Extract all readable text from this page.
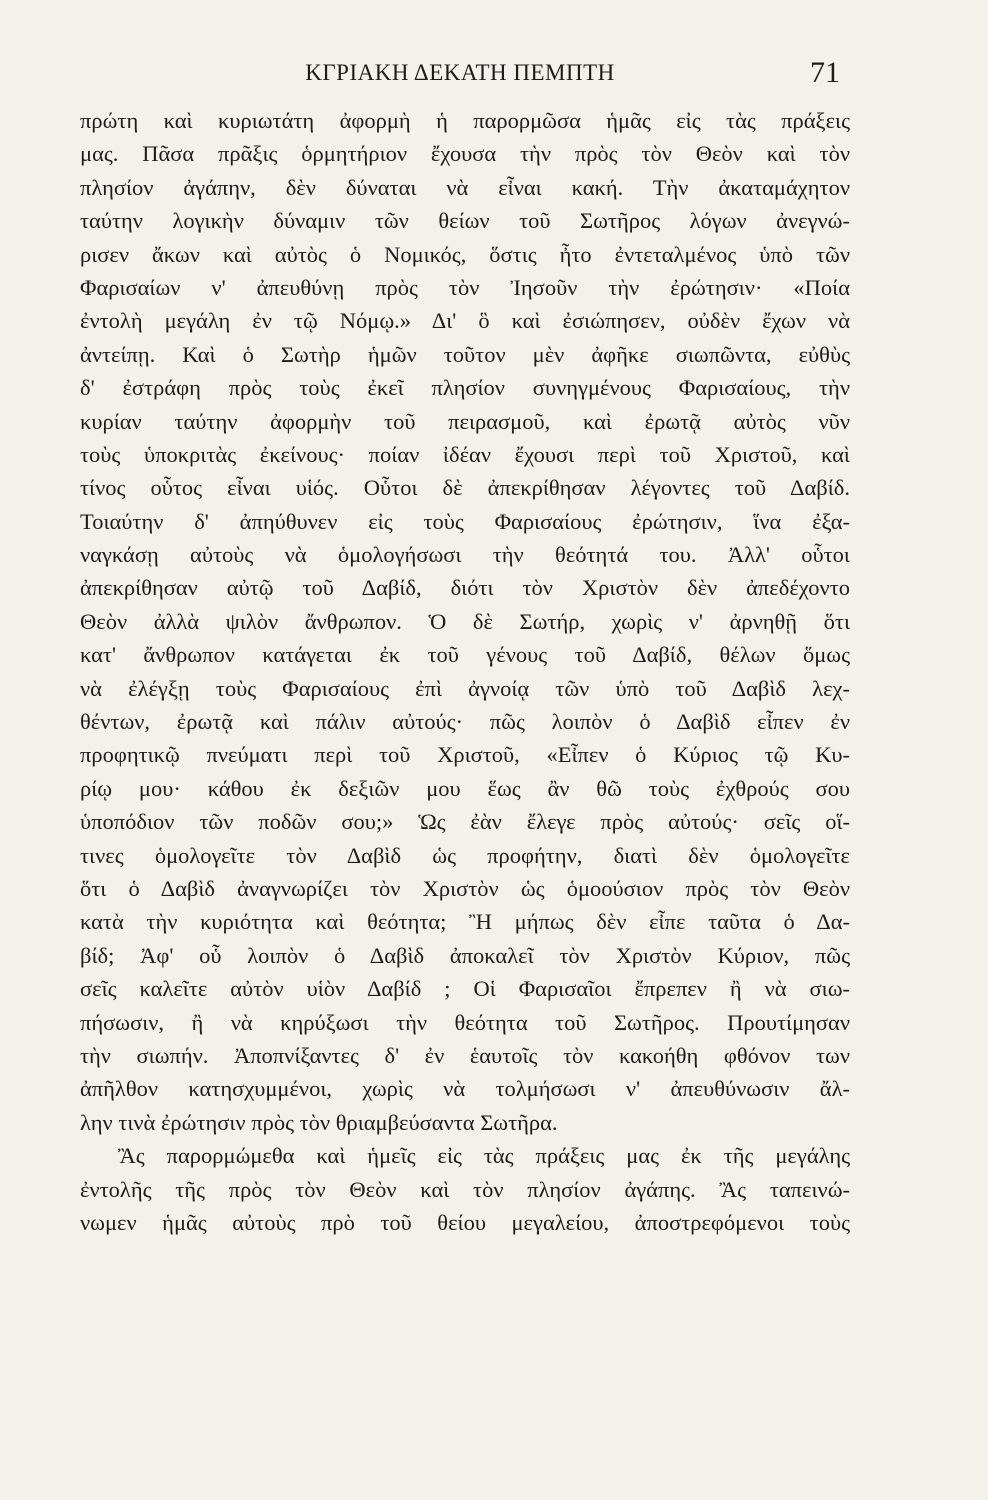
ΚΓΡΙΑΚΗ ΔΕΚΑΤΗ ΠΕΜΠΤΗ	71
πρώτη καὶ κυριωτάτη ἀφορμὴ ἡ παρορμῶσα ἡμᾶς εἰς τὰς πράξεις
μας. Πᾶσα πρᾶξις ὁρμητήριον ἔχουσα τὴν πρὸς τὸν Θεὸν καὶ τὸν
πλησίον ἀγάπην, δὲν δύναται νὰ εἶναι κακή. Τὴν ἀκαταμάχητον
ταύτην λογικὴν δύναμιν τῶν θείων τοῦ Σωτῆρος λόγων ἀνεγνώ-
ρισεν ἄκων καὶ αὐτὸς ὁ Νομικός, ὅστις ἦτο ἐντεταλμένος ὑπὸ τῶν
Φαρισαίων ν' ἀπευθύνῃ πρὸς τὸν Ἰησοῦν τὴν ἐρώτησιν· «Ποία
ἐντολὴ μεγάλη ἐν τῷ Νόμῳ.» Δι' ὃ καὶ ἐσιώπησεν, οὐδὲν ἔχων νὰ
ἀντείπῃ. Καὶ ὁ Σωτὴρ ἡμῶν τοῦτον μὲν ἀφῆκε σιωπῶντα, εὐθὺς
δ' ἐστράφη πρὸς τοὺς ἐκεῖ πλησίον συνηγμένους Φαρισαίους, τὴν
κυρίαν ταύτην ἀφορμὴν τοῦ πειρασμοῦ, καὶ ἐρωτᾷ αὐτὸς νῦν
τοὺς ὑποκριτὰς ἐκείνους· ποίαν ἰδέαν ἔχουσι περὶ τοῦ Χριστοῦ, καὶ
τίνος οὗτος εἶναι υἱός. Οὗτοι δὲ ἀπεκρίθησαν λέγοντες τοῦ Δαβίδ.
Τοιαύτην δ' ἀπηύθυνεν εἰς τοὺς Φαρισαίους ἐρώτησιν, ἵνα ἐξα-
ναγκάσῃ αὐτοὺς νὰ ὁμολογήσωσι τὴν θεότητά του. Ἀλλ' οὗτοι
ἀπεκρίθησαν αὐτῷ τοῦ Δαβίδ, διότι τὸν Χριστὸν δὲν ἀπεδέχοντο
Θεὸν ἀλλὰ ψιλὸν ἄνθρωπον. Ὁ δὲ Σωτήρ, χωρὶς ν' ἀρνηθῇ ὅτι
κατ' ἄνθρωπον κατάγεται ἐκ τοῦ γένους τοῦ Δαβίδ, θέλων ὅμως
νὰ ἐλέγξῃ τοὺς Φαρισαίους ἐπὶ ἀγνοίᾳ τῶν ὑπὸ τοῦ Δαβὶδ λεχ-
θέντων, ἐρωτᾷ καὶ πάλιν αὐτούς· πῶς λοιπὸν ὁ Δαβὶδ εἶπεν ἐν
προφητικῷ πνεύματι περὶ τοῦ Χριστοῦ, «Εἶπεν ὁ Κύριος τῷ Κυ-
ρίῳ μου· κάθου ἐκ δεξιῶν μου ἕως ἂν θῶ τοὺς ἐχθρούς σου
ὑποπόδιον τῶν ποδῶν σου;» Ὡς ἐὰν ἔλεγε πρὸς αὐτούς· σεῖς οἵ-
τινες ὁμολογεῖτε τὸν Δαβὶδ ὡς προφήτην, διατὶ δὲν ὁμολογεῖτε
ὅτι ὁ Δαβὶδ ἀναγνωρίζει τὸν Χριστὸν ὡς ὁμοούσιον πρὸς τὸν Θεὸν
κατὰ τὴν κυριότητα καὶ θεότητα; Ἢ μήπως δὲν εἶπε ταῦτα ὁ Δα-
βίδ; Ἀφ' οὗ λοιπὸν ὁ Δαβὶδ ἀποκαλεῖ τὸν Χριστὸν Κύριον, πῶς
σεῖς καλεῖτε αὐτὸν υἱὸν Δαβίδ ; Οἱ Φαρισαῖοι ἔπρεπεν ἢ νὰ σιω-
πήσωσιν, ἢ νὰ κηρύξωσι τὴν θεότητα τοῦ Σωτῆρος. Προυτίμησαν
τὴν σιωπήν. Ἀποπνίξαντες δ' ἐν ἑαυτοῖς τὸν κακοήθη φθόνον των
ἀπῆλθον κατησχυμμένοι, χωρὶς νὰ τολμήσωσι ν' ἀπευθύνωσιν ἄλ-
λην τινὰ ἐρώτησιν πρὸς τὸν θριαμβεύσαντα Σωτῆρα.
Ἂς παρορμώμεθα καὶ ἡμεῖς εἰς τὰς πράξεις μας ἐκ τῆς μεγάλης
ἐντολῆς τῆς πρὸς τὸν Θεὸν καὶ τὸν πλησίον ἀγάπης. Ἂς ταπεινώ-
νωμεν ἡμᾶς αὐτοὺς πρὸ τοῦ θείου μεγαλείου, ἀποστρεφόμενοι τοὺς
